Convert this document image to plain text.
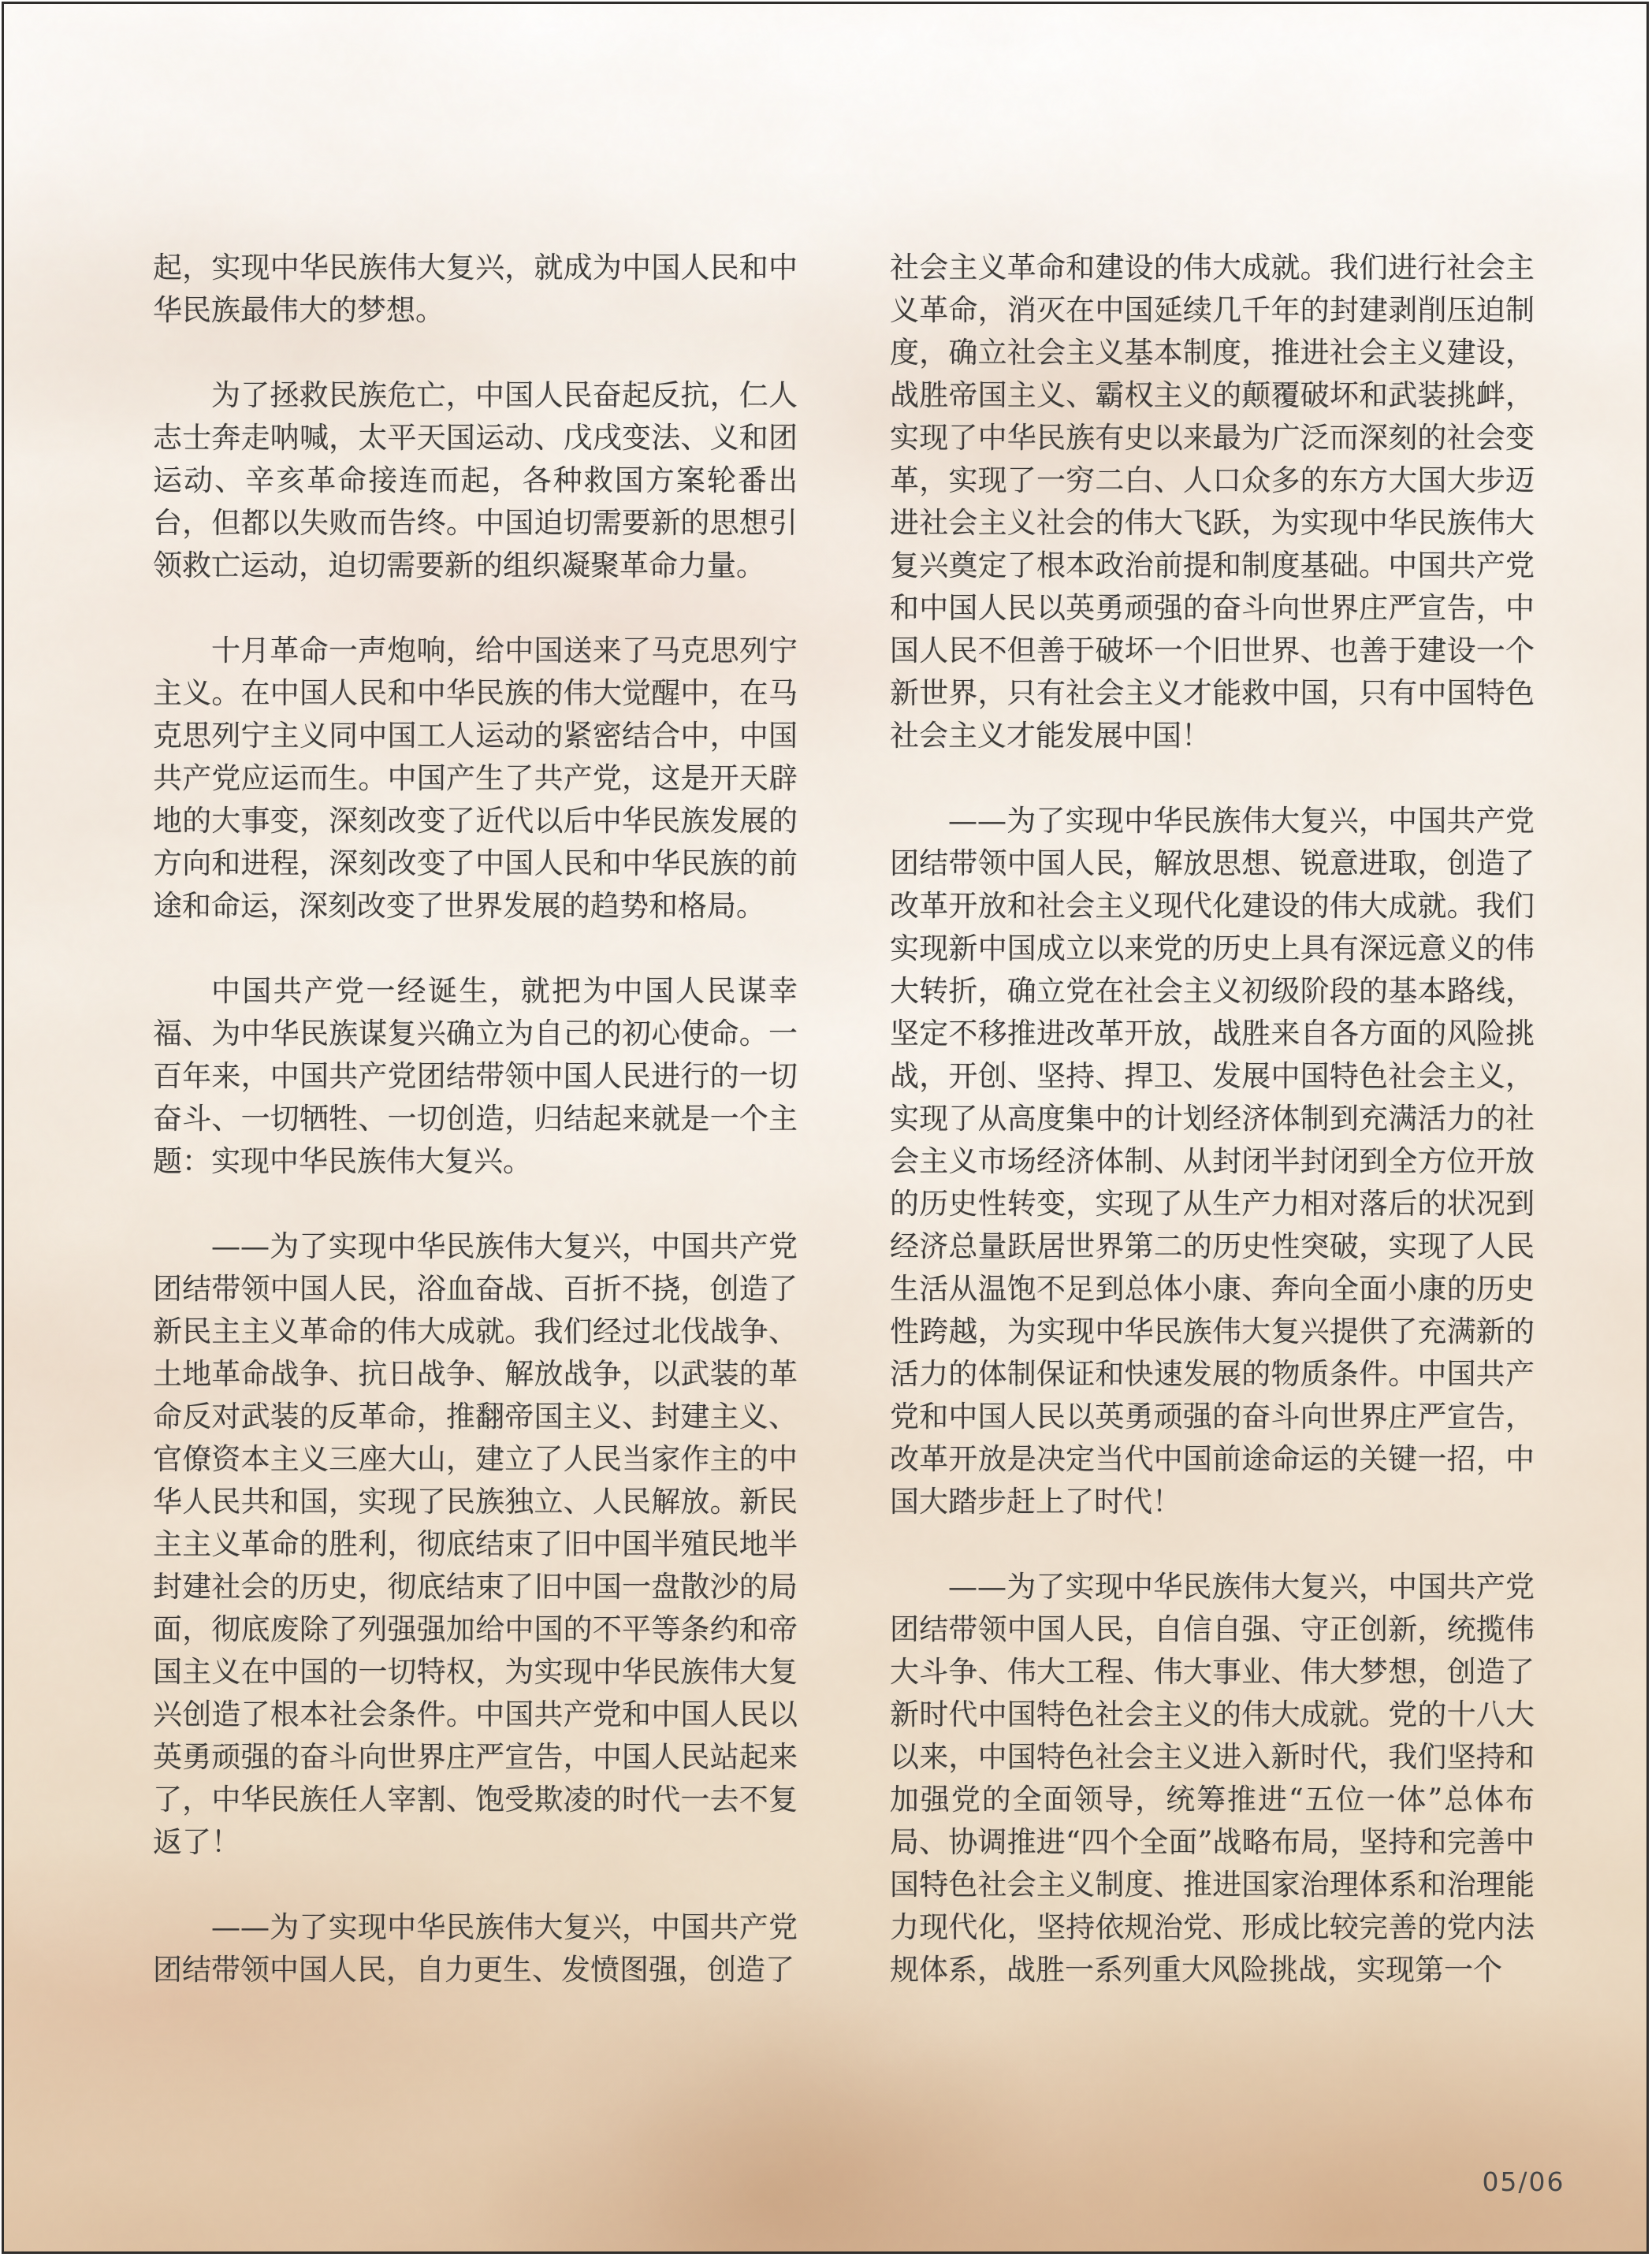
起，实现中华民族伟大复兴，就成为中国人民和中华民族最伟大的梦想。

为了拯救民族危亡，中国人民奋起反抗，仁人志士奔走呐喊，太平天国运动、戊戌变法、义和团运动、辛亥革命接连而起，各种救国方案轮番出台，但都以失败而告终。中国迫切需要新的思想引领救亡运动，迫切需要新的组织凝聚革命力量。

十月革命一声炮响，给中国送来了马克思列宁主义。在中国人民和中华民族的伟大觉醒中，在马克思列宁主义同中国工人运动的紧密结合中，中国共产党应运而生。中国产生了共产党，这是开天辟地的大事变，深刻改变了近代以后中华民族发展的方向和进程，深刻改变了中国人民和中华民族的前途和命运，深刻改变了世界发展的趋势和格局。

中国共产党一经诞生，就把为中国人民谋幸福、为中华民族谋复兴确立为自己的初心使命。一百年来，中国共产党团结带领中国人民进行的一切奋斗、一切牺牲、一切创造，归结起来就是一个主题：实现中华民族伟大复兴。

——为了实现中华民族伟大复兴，中国共产党团结带领中国人民，浴血奋战、百折不挠，创造了新民主主义革命的伟大成就。我们经过北伐战争、土地革命战争、抗日战争、解放战争，以武装的革命反对武装的反革命，推翻帝国主义、封建主义、官僚资本主义三座大山，建立了人民当家作主的中华人民共和国，实现了民族独立、人民解放。新民主主义革命的胜利，彻底结束了旧中国半殖民地半封建社会的历史，彻底结束了旧中国一盘散沙的局面，彻底废除了列强强加给中国的不平等条约和帝国主义在中国的一切特权，为实现中华民族伟大复兴创造了根本社会条件。中国共产党和中国人民以英勇顽强的奋斗向世界庄严宣告，中国人民站起来了，中华民族任人宰割、饱受欺凌的时代一去不复返了！

——为了实现中华民族伟大复兴，中国共产党团结带领中国人民，自力更生、发愤图强，创造了

社会主义革命和建设的伟大成就。我们进行社会主义革命，消灭在中国延续几千年的封建剥削压迫制度，确立社会主义基本制度，推进社会主义建设，战胜帝国主义、霸权主义的颠覆破坏和武装挑衅，实现了中华民族有史以来最为广泛而深刻的社会变革，实现了一穷二白、人口众多的东方大国大步迈进社会主义社会的伟大飞跃，为实现中华民族伟大复兴奠定了根本政治前提和制度基础。中国共产党和中国人民以英勇顽强的奋斗向世界庄严宣告，中国人民不但善于破坏一个旧世界、也善于建设一个新世界，只有社会主义才能救中国，只有中国特色社会主义才能发展中国！

——为了实现中华民族伟大复兴，中国共产党团结带领中国人民，解放思想、锐意进取，创造了改革开放和社会主义现代化建设的伟大成就。我们实现新中国成立以来党的历史上具有深远意义的伟大转折，确立党在社会主义初级阶段的基本路线，坚定不移推进改革开放，战胜来自各方面的风险挑战，开创、坚持、捍卫、发展中国特色社会主义，实现了从高度集中的计划经济体制到充满活力的社会主义市场经济体制、从封闭半封闭到全方位开放的历史性转变，实现了从生产力相对落后的状况到经济总量跃居世界第二的历史性突破，实现了人民生活从温饱不足到总体小康、奔向全面小康的历史性跨越，为实现中华民族伟大复兴提供了充满新的活力的体制保证和快速发展的物质条件。中国共产党和中国人民以英勇顽强的奋斗向世界庄严宣告，改革开放是决定当代中国前途命运的关键一招，中国大踏步赶上了时代！

——为了实现中华民族伟大复兴，中国共产党团结带领中国人民，自信自强、守正创新，统揽伟大斗争、伟大工程、伟大事业、伟大梦想，创造了新时代中国特色社会主义的伟大成就。党的十八大以来，中国特色社会主义进入新时代，我们坚持和加强党的全面领导，统筹推进“五位一体”总体布局、协调推进“四个全面”战略布局，坚持和完善中国特色社会主义制度、推进国家治理体系和治理能力现代化，坚持依规治党、形成比较完善的党内法规体系，战胜一系列重大风险挑战，实现第一个

05/06
